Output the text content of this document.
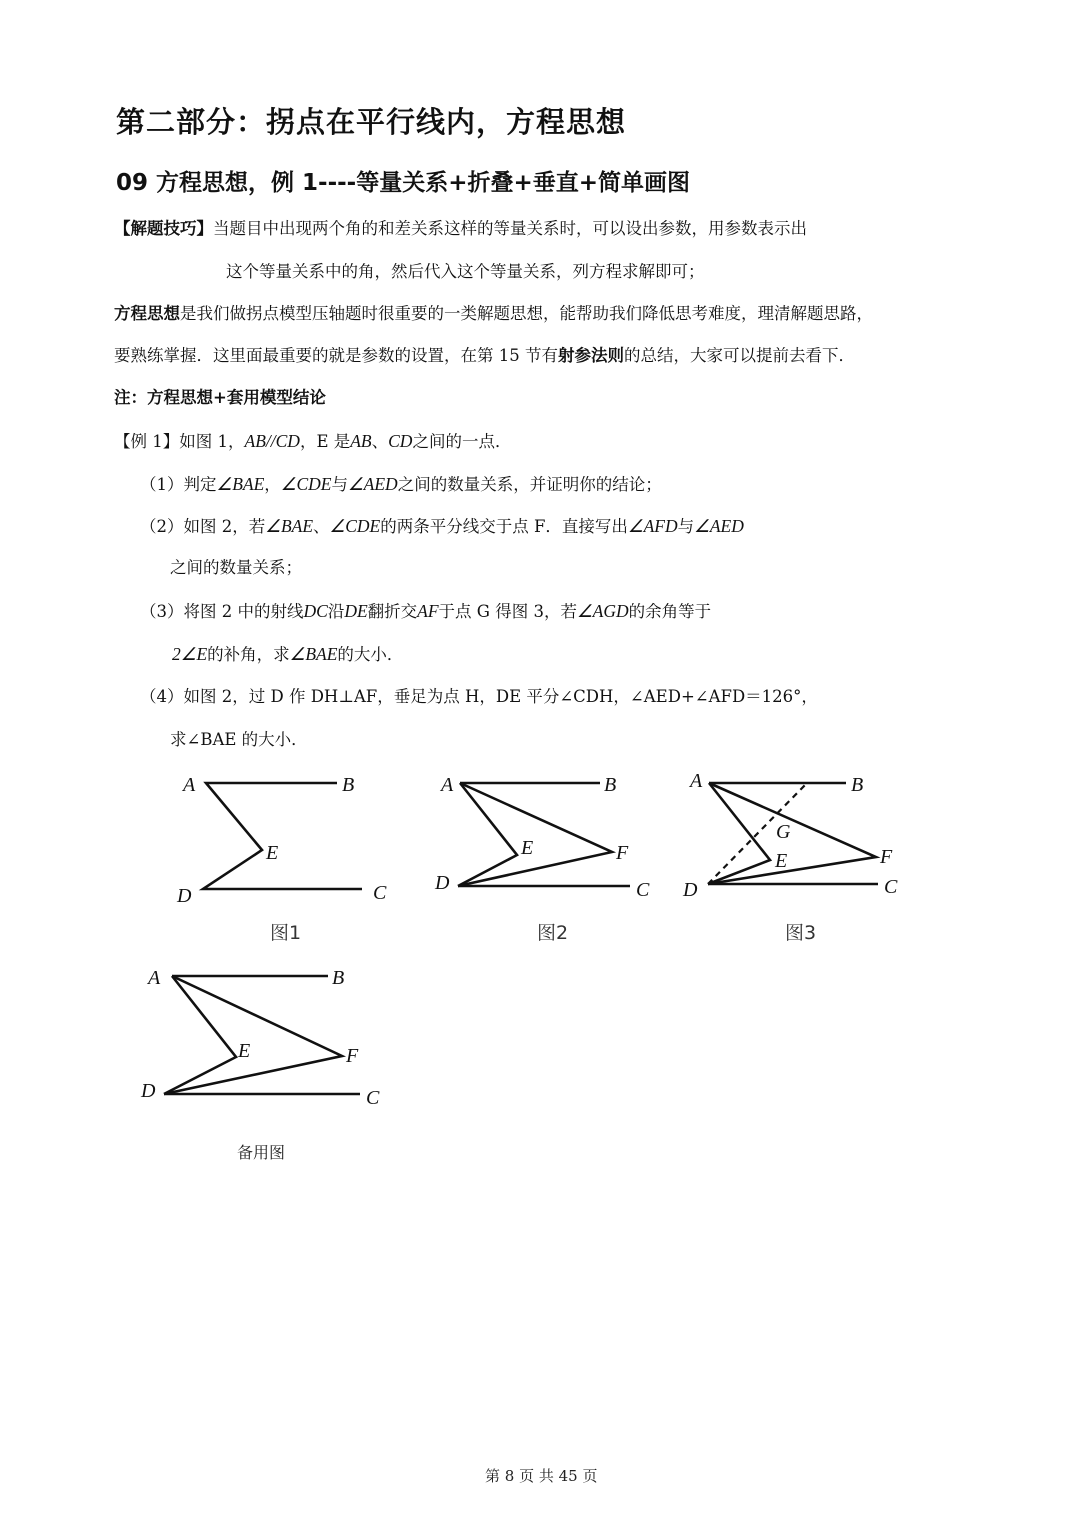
第二部分：拐点在平行线内，方程思想
09 方程思想，例 1----等量关系+折叠+垂直+简单画图
【解题技巧】当题目中出现两个角的和差关系这样的等量关系时，可以设出参数，用参数表示出
这个等量关系中的角，然后代入这个等量关系，列方程求解即可；
方程思想是我们做拐点模型压轴题时很重要的一类解题思想，能帮助我们降低思考难度，理清解题思路，
要熟练掌握．这里面最重要的就是参数的设置，在第 15 节有射参法则的总结，大家可以提前去看下．
注：方程思想+套用模型结论
【例 1】如图 1，AB//CD，E 是AB、CD之间的一点．
（1）判定∠BAE，∠CDE与∠AED之间的数量关系，并证明你的结论；
（2）如图 2，若∠BAE、∠CDE的两条平分线交于点 F．直接写出∠AFD与∠AED
之间的数量关系；
（3）将图 2 中的射线DC沿DE翻折交AF于点 G 得图 3，若∠AGD的余角等于
2∠E的补角，求∠BAE的大小．
（4）如图 2，过 D 作 DH⊥AF，垂足为点 H，DE 平分∠CDH，∠AED+∠AFD＝126°，
求∠BAE 的大小．
A	B
E
D	C
A	B
E	F
D	C
A	B
G
E	F
D	C
A	B
E	F
D	C
图1	图2	图3
备用图
第 8 页 共 45 页
